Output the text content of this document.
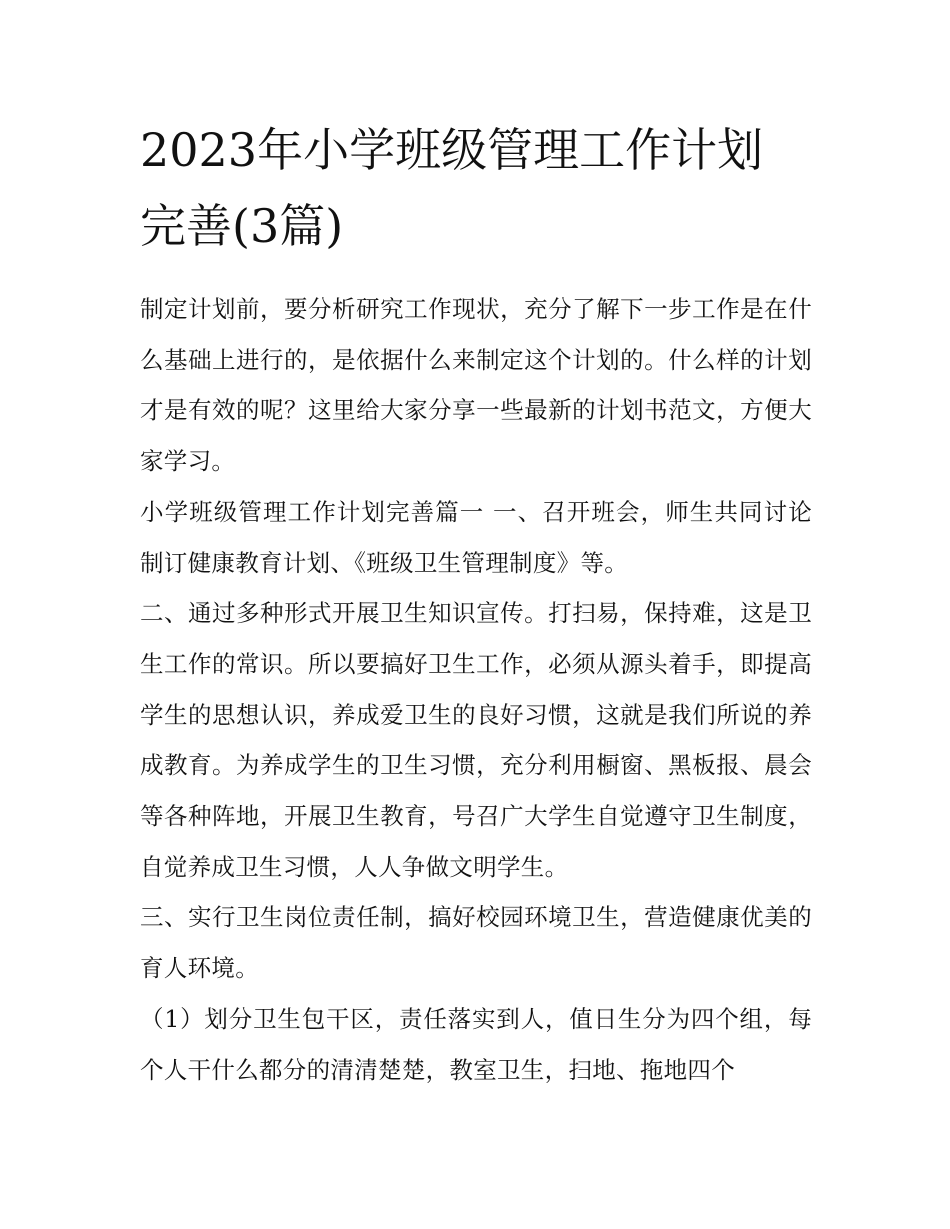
2023年小学班级管理工作计划
完善(3篇)

制定计划前，要分析研究工作现状，充分了解下一步工作是在什么基础上进行的，是依据什么来制定这个计划的。什么样的计划才是有效的呢？这里给大家分享一些最新的计划书范文，方便大家学习。

小学班级管理工作计划完善篇一 一、召开班会，师生共同讨论制订健康教育计划、《班级卫生管理制度》等。

二、通过多种形式开展卫生知识宣传。打扫易，保持难，这是卫生工作的常识。所以要搞好卫生工作，必须从源头着手，即提高学生的思想认识，养成爱卫生的良好习惯，这就是我们所说的养成教育。为养成学生的卫生习惯，充分利用橱窗、黑板报、晨会等各种阵地，开展卫生教育，号召广大学生自觉遵守卫生制度，自觉养成卫生习惯，人人争做文明学生。

三、实行卫生岗位责任制，搞好校园环境卫生，营造健康优美的育人环境。

（1）划分卫生包干区，责任落实到人，值日生分为四个组，每个人干什么都分的清清楚楚，教室卫生，扫地、拖地四个
